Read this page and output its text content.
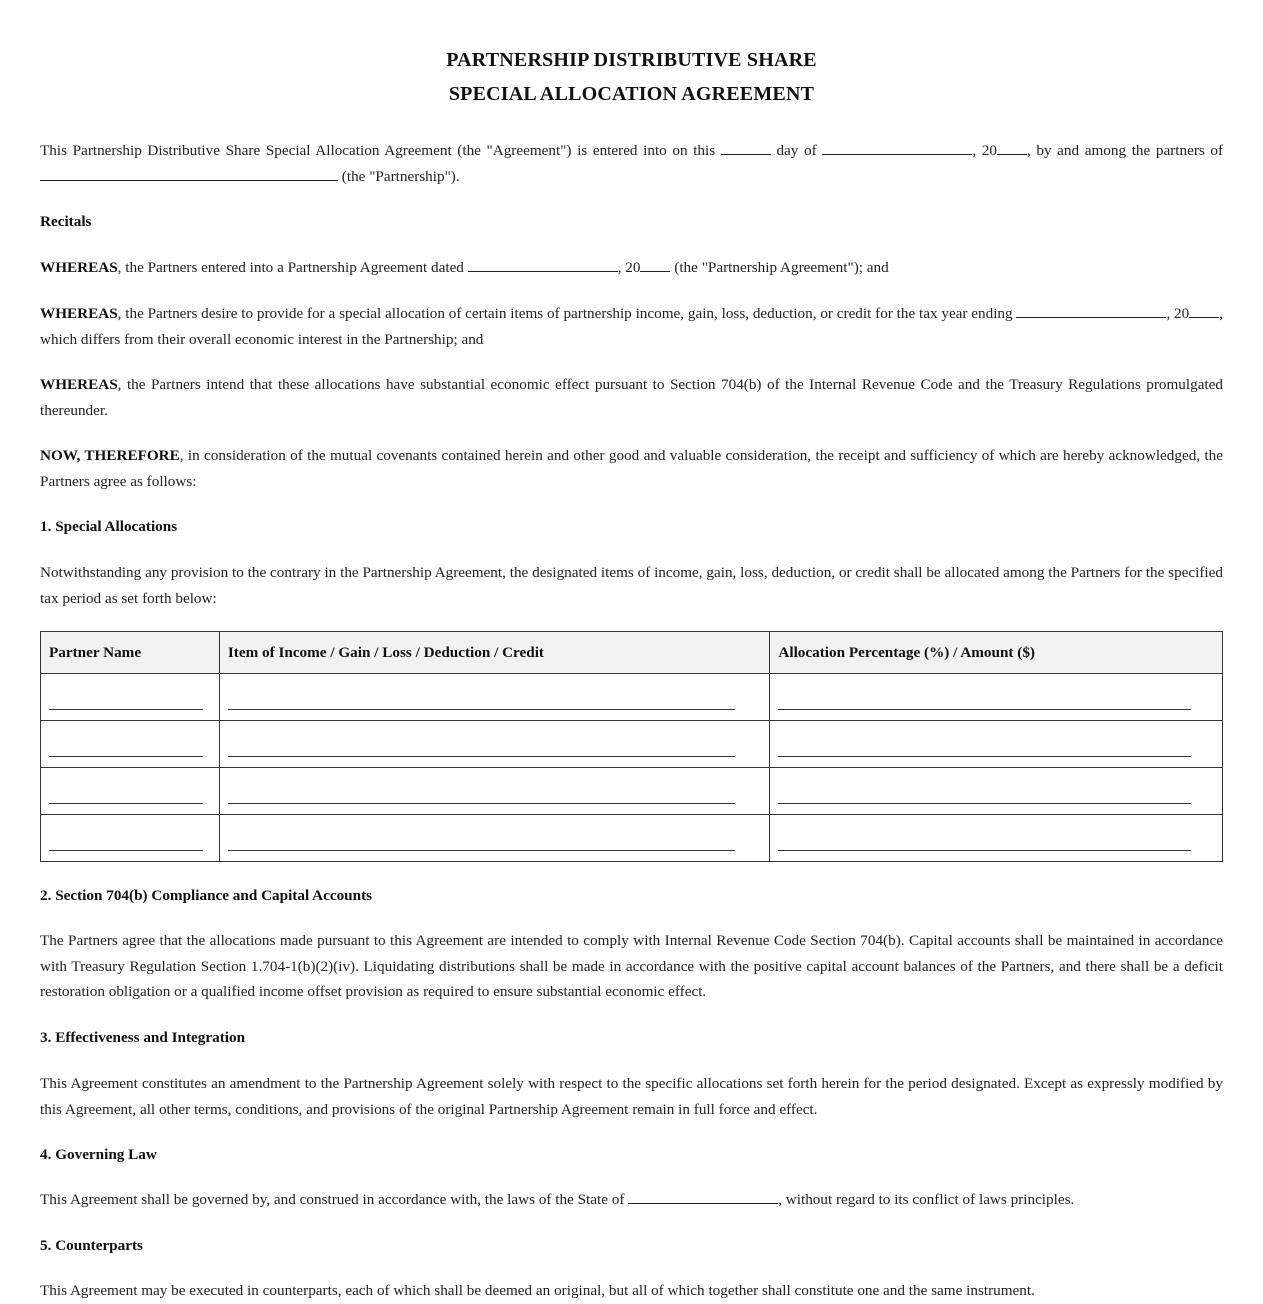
PARTNERSHIP DISTRIBUTIVE SHARE
SPECIAL ALLOCATION AGREEMENT

This Partnership Distributive Share Special Allocation Agreement (the "Agreement") is entered into on this	day of	, 20 , by and among the partners of  (the "Partnership").

Recitals

WHEREAS, the Partners entered into a Partnership Agreement dated	, 20 (the "Partnership Agreement"); and

WHEREAS, the Partners desire to provide for a special allocation of certain items of partnership income, gain, loss, deduction, or credit for the tax year ending	, 20 , which differs from their overall economic interest in the Partnership; and

WHEREAS, the Partners intend that these allocations have substantial economic effect pursuant to Section 704(b) of the Internal Revenue Code and the Treasury Regulations promulgated thereunder.

NOW, THEREFORE, in consideration of the mutual covenants contained herein and other good and valuable consideration, the receipt and sufficiency of which are hereby acknowledged, the Partners agree as follows:

1. Special Allocations

Notwithstanding any provision to the contrary in the Partnership Agreement, the designated items of income, gain, loss, deduction, or credit shall be allocated among the Partners for the specified tax period as set forth below:

Partner Name	Item of Income / Gain / Loss / Deduction / Credit	Allocation Percentage (%) / Amount ($)

2. Section 704(b) Compliance and Capital Accounts

The Partners agree that the allocations made pursuant to this Agreement are intended to comply with Internal Revenue Code Section 704(b). Capital accounts shall be maintained in accordance with Treasury Regulation Section 1.704-1(b)(2)(iv). Liquidating distributions shall be made in accordance with the positive capital account balances of the Partners, and there shall be a deficit restoration obligation or a qualified income offset provision as required to ensure substantial economic effect.

3. Effectiveness and Integration

This Agreement constitutes an amendment to the Partnership Agreement solely with respect to the specific allocations set forth herein for the period designated. Except as expressly modified by this Agreement, all other terms, conditions, and provisions of the original Partnership Agreement remain in full force and effect.

4. Governing Law

This Agreement shall be governed by, and construed in accordance with, the laws of the State of	, without regard to its conflict of laws principles.

5. Counterparts

This Agreement may be executed in counterparts, each of which shall be deemed an original, but all of which together shall constitute one and the same instrument.
